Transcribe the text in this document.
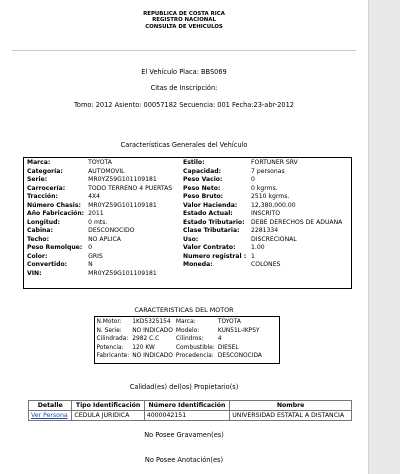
REPUBLICA DE COSTA RICA
REGISTRO NACIONAL
CONSULTA DE VEHICULOS
El Vehículo Placa: BBS069
Citas de Inscripción:
Tomo: 2012 Asiento: 00057182 Secuencia: 001 Fecha:23-abr-2012
Características Generales del Vehículo
Marca:	TOYOTA	Estilo:	FORTUNER SRV
Categoría:	AUTOMOVIL	Capacidad:	7 personas
Serie:	MR0YZ59G101109181	Peso Vacio:	0
Carrocería:	TODO TERRENO 4 PUERTAS	Peso Neto:	0 kgrms.
Tracción:	4X4	Peso Bruto:	2510 kgrms.
Número Chasis:	MR0YZ59G101109181	Valor Hacienda:	12,380,000.00
Año Fabricación:	2011	Estado Actual:	INSCRITO
Longitud:	0 mts.	Estado Tributario:	DEBE DERECHOS DE ADUANA
Cabina:	DESCONOCIDO	Clase Tributaria:	2281334
Techo:	NO APLICA	Uso:	DISCRECIONAL
Peso Remolque:	0	Valor Contrato:	1.00
Color:	GRIS	Numero registral :	1
Convertido:	N	Moneda:	COLONES
VIN:	MR0YZ59G101109181		
CARACTERISTICAS DEL MOTOR
N.Motor:	1KD5325154	Marca:	TOYOTA
N. Serie:	NO INDICADO	Modelo:	KUN51L-IKPSY
Cilindrada:	2982 C.C	Cilindros:	4
Potencia:	120 KW	Combustible:	DIESEL
Fabricante:	NO INDICADO	Procedencia:	DESCONOCIDA
Calidad(es) del(os) Propietario(s)
Detalle	Tipo Identificación	Número Identificación	Nombre
Ver Persona	CEDULA JURIDICA	4000042151	UNIVERSIDAD ESTATAL A DISTANCIA
No Posee Gravamen(es)
No Posee Anotación(es)
